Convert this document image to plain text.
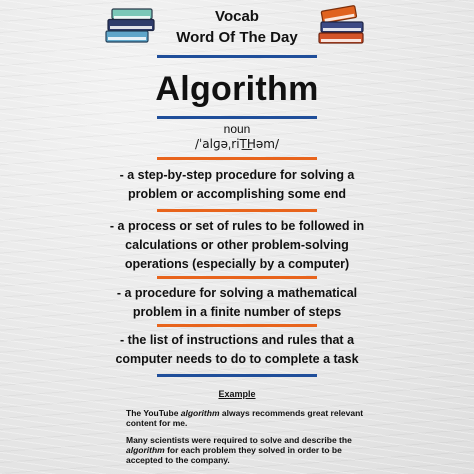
Vocab
Word Of The Day
Algorithm
noun
/ˈalɡəˌriT͟Həm/
- a step-by-step procedure for solving a
problem or accomplishing some end
- a process or set of rules to be followed in
calculations or other problem-solving
operations (especially by a computer)
- a procedure for solving a mathematical
problem in a finite number of steps
- the list of instructions and rules that a
computer needs to do to complete a task
Example
The YouTube algorithm always recommends great relevant content for me.
Many scientists were required to solve and describe the algorithm for each problem they solved in order to be accepted to the company.
